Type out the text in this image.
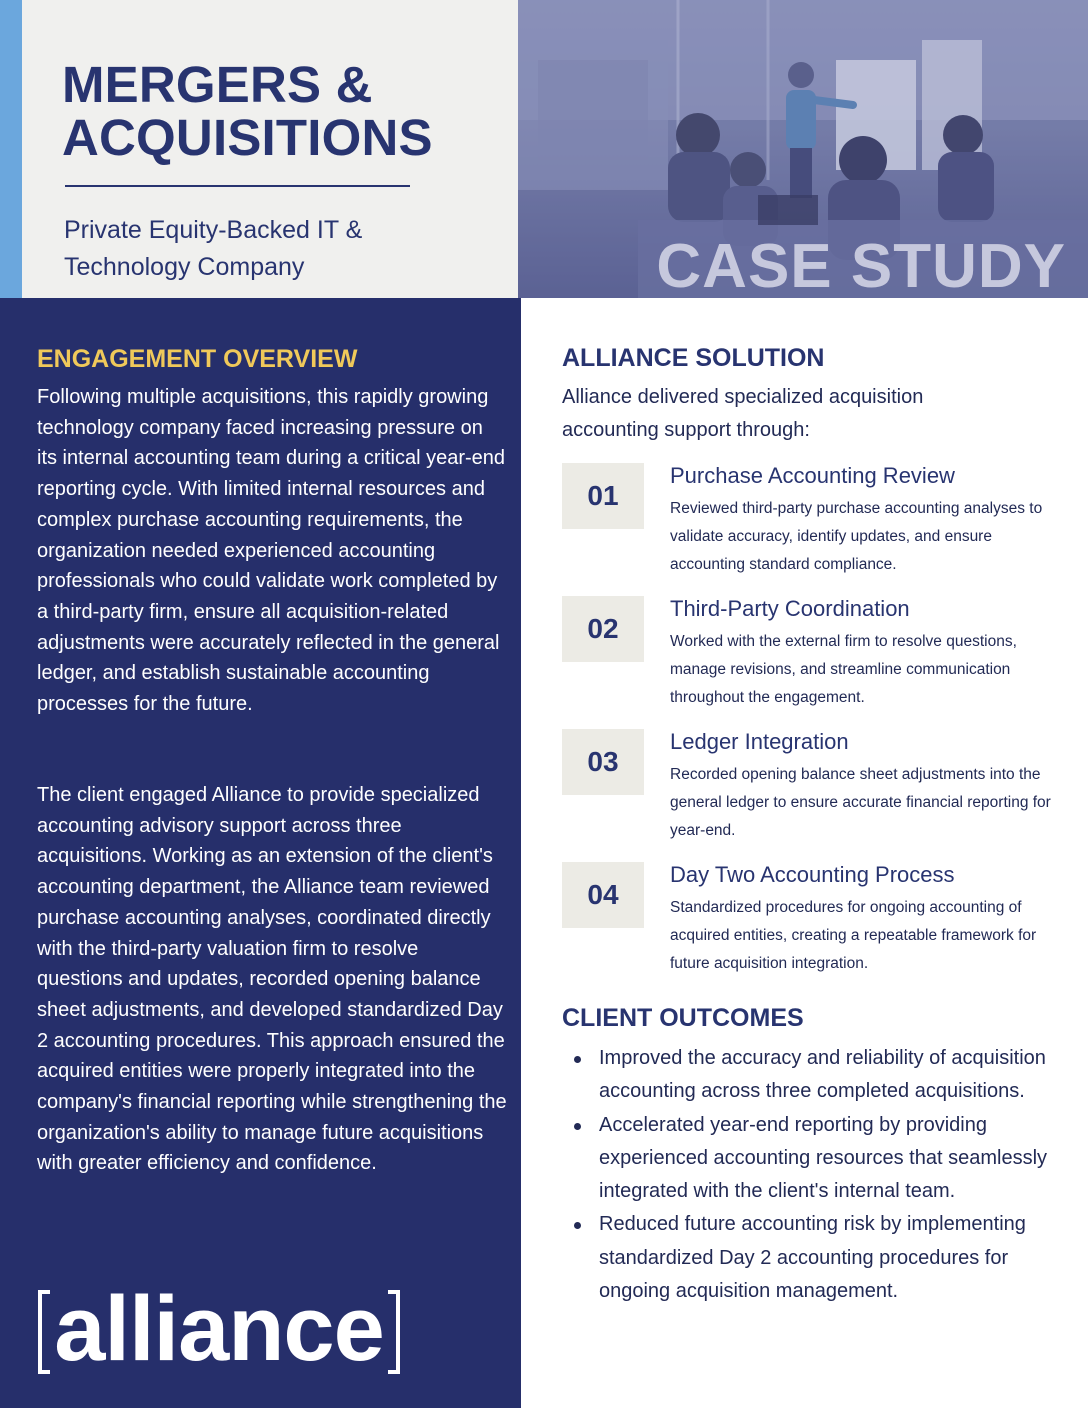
MERGERS & ACQUISITIONS
Private Equity-Backed IT & Technology Company	CASE STUDY
ENGAGEMENT OVERVIEW

Following multiple acquisitions, this rapidly growing technology company faced increasing pressure on its internal accounting team during a critical year-end reporting cycle. With limited internal resources and complex purchase accounting requirements, the organization needed experienced accounting professionals who could validate work completed by a third-party firm, ensure all acquisition-related adjustments were accurately reflected in the general ledger, and establish sustainable accounting processes for the future.

The client engaged Alliance to provide specialized accounting advisory support across three acquisitions. Working as an extension of the client's accounting department, the Alliance team reviewed purchase accounting analyses, coordinated directly with the third-party valuation firm to resolve questions and updates, recorded opening balance sheet adjustments, and developed standardized Day 2 accounting procedures. This approach ensured the acquired entities were properly integrated into the company's financial reporting while strengthening the organization's ability to manage future acquisitions with greater efficiency and confidence.

alliance
ALLIANCE SOLUTION

Alliance delivered specialized acquisition accounting support through:

01
Purchase Accounting Review
Reviewed third-party purchase accounting analyses to validate accuracy, identify updates, and ensure accounting standard compliance.
02
Third-Party Coordination
Worked with the external firm to resolve questions, manage revisions, and streamline communication throughout the engagement.
03
Ledger Integration
Recorded opening balance sheet adjustments into the general ledger to ensure accurate financial reporting for year-end.
04
Day Two Accounting Process
Standardized procedures for ongoing accounting of acquired entities, creating a repeatable framework for future acquisition integration.
CLIENT OUTCOMES
Improved the accuracy and reliability of acquisition accounting across three completed acquisitions.
Accelerated year-end reporting by providing experienced accounting resources that seamlessly integrated with the client's internal team.
Reduced future accounting risk by implementing standardized Day 2 accounting procedures for ongoing acquisition management.
